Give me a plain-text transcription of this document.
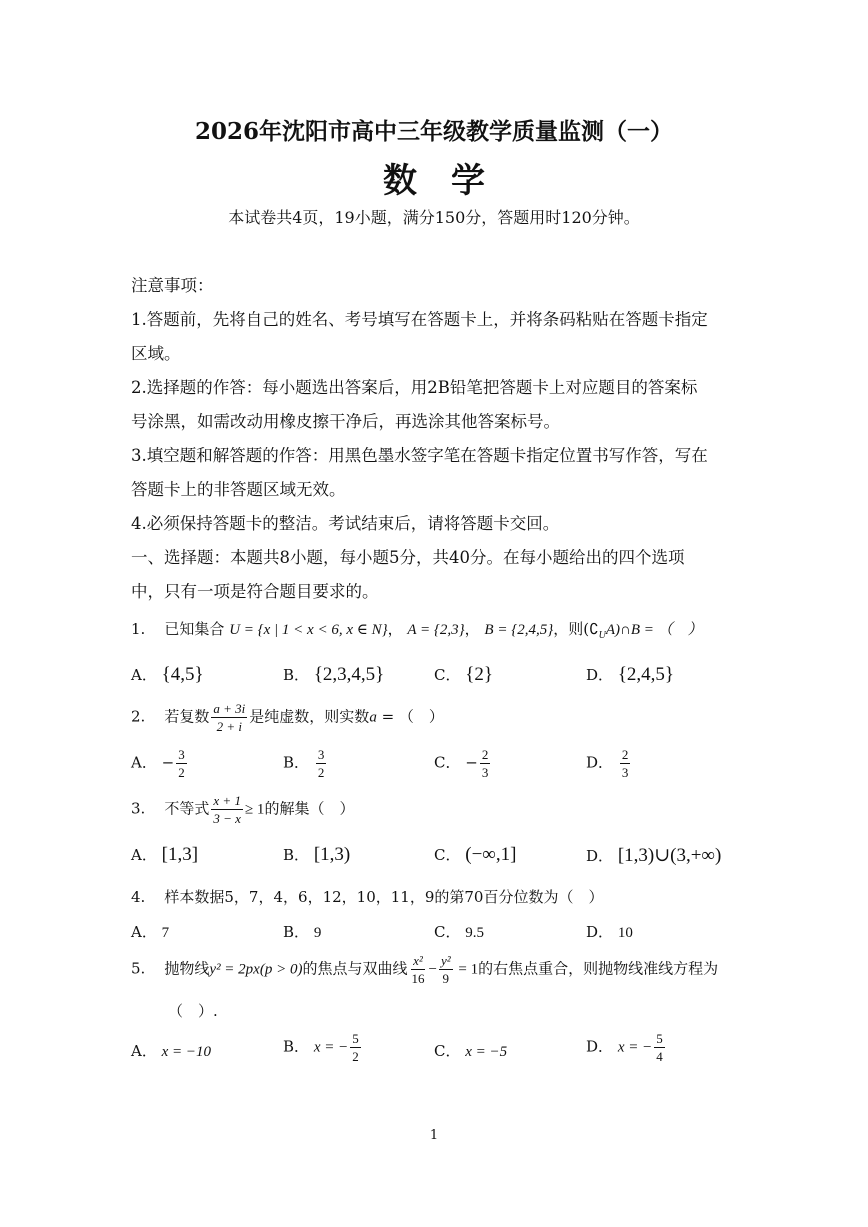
2026年沈阳市高中三年级教学质量监测（一）
数学
本试卷共4页，19小题，满分150分，答题用时120分钟。
注意事项：
1.答题前，先将自己的姓名、考号填写在答题卡上，并将条码粘贴在答题卡指定
区域。
2.选择题的作答：每小题选出答案后，用2B铅笔把答题卡上对应题目的答案标
号涂黑，如需改动用橡皮擦干净后，再选涂其他答案标号。
3.填空题和解答题的作答：用黑色墨水签字笔在答题卡指定位置书写作答，写在
答题卡上的非答题区域无效。
4.必须保持答题卡的整洁。考试结束后，请将答题卡交回。
一、选择题：本题共8小题，每小题5分，共40分。在每小题给出的四个选项
中，只有一项是符合题目要求的。
1. 已知集合 U = {x | 1 < x < 6, x ∈ N}， A = {2,3}， B = {2,4,5}，则$(∁_UA)\cap B$ = （　）
A． {4,5}	B． {2,3,4,5}	C． {2}	D． {2,4,5}
2. 若复数 $\frac{a + 3i}{2 + i}$ 是纯虚数，则实数a = （　）
A． − $\frac{3}{2}$	B． $\frac{3}{2}$	C． − $\frac{2}{3}$	D． $\frac{2}{3}$
3. 不等式 $\frac{x + 1}{3 - x} \ge 1$的解集（　）
A． [1,3]	B． [1,3)	C． (−∞,1]	D． [1,3)∪(3,+∞)
4. 样本数据5，7，4，6，12，10，11，9的第70百分位数为（　）
A． 7	B． 9	C． 9.5	D． 10
5. 抛物线y² = 2px(p > 0)的焦点与双曲线 $\frac{\text{x²}}{16} - \frac{\text{y²}}{9} = 1$的右焦点重合，则抛物线准线方程为
（　）.
A． x = −10	B． x = − $\frac{5}{2}$	C． x = −5	D． x = − $\frac{5}{4}$
1
